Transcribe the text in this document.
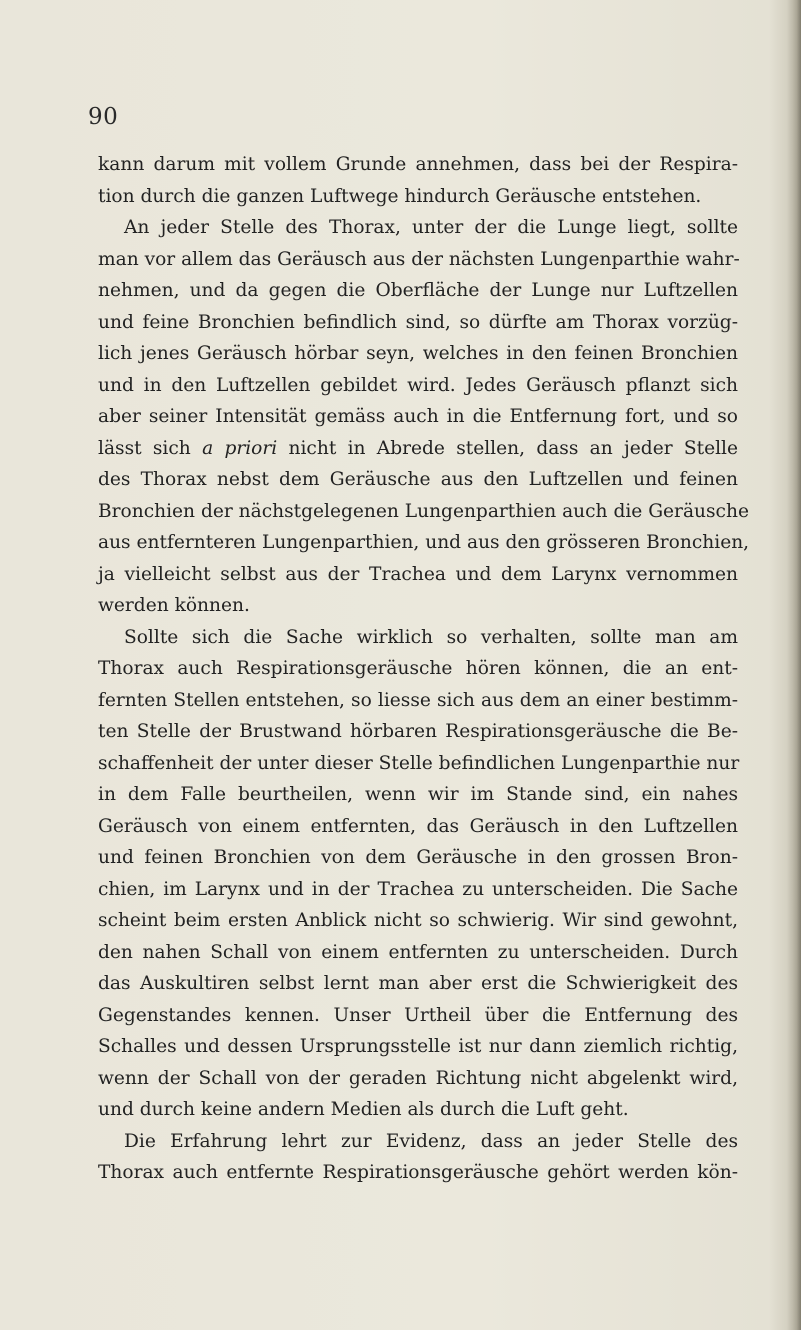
90
kann darum mit vollem Grunde annehmen, dass bei der Respira-
tion durch die ganzen Luftwege hindurch Geräusche entstehen.
An jeder Stelle des Thorax, unter der die Lunge liegt, sollte
man vor allem das Geräusch aus der nächsten Lungenparthie wahr-
nehmen, und da gegen die Oberfläche der Lunge nur Luftzellen
und feine Bronchien befindlich sind, so dürfte am Thorax vorzüg-
lich jenes Geräusch hörbar seyn, welches in den feinen Bronchien
und in den Luftzellen gebildet wird. Jedes Geräusch pflanzt sich
aber seiner Intensität gemäss auch in die Entfernung fort, und so
lässt sich a priori nicht in Abrede stellen, dass an jeder Stelle
des Thorax nebst dem Geräusche aus den Luftzellen und feinen
Bronchien der nächstgelegenen Lungenparthien auch die Geräusche
aus entfernteren Lungenparthien, und aus den grösseren Bronchien,
ja vielleicht selbst aus der Trachea und dem Larynx vernommen
werden können.
Sollte sich die Sache wirklich so verhalten, sollte man am
Thorax auch Respirationsgeräusche hören können, die an ent-
fernten Stellen entstehen, so liesse sich aus dem an einer bestimm-
ten Stelle der Brustwand hörbaren Respirationsgeräusche die Be-
schaffenheit der unter dieser Stelle befindlichen Lungenparthie nur
in dem Falle beurtheilen, wenn wir im Stande sind, ein nahes
Geräusch von einem entfernten, das Geräusch in den Luftzellen
und feinen Bronchien von dem Geräusche in den grossen Bron-
chien, im Larynx und in der Trachea zu unterscheiden. Die Sache
scheint beim ersten Anblick nicht so schwierig. Wir sind gewohnt,
den nahen Schall von einem entfernten zu unterscheiden. Durch
das Auskultiren selbst lernt man aber erst die Schwierigkeit des
Gegenstandes kennen. Unser Urtheil über die Entfernung des
Schalles und dessen Ursprungsstelle ist nur dann ziemlich richtig,
wenn der Schall von der geraden Richtung nicht abgelenkt wird,
und durch keine andern Medien als durch die Luft geht.
Die Erfahrung lehrt zur Evidenz, dass an jeder Stelle des
Thorax auch entfernte Respirationsgeräusche gehört werden kön-
